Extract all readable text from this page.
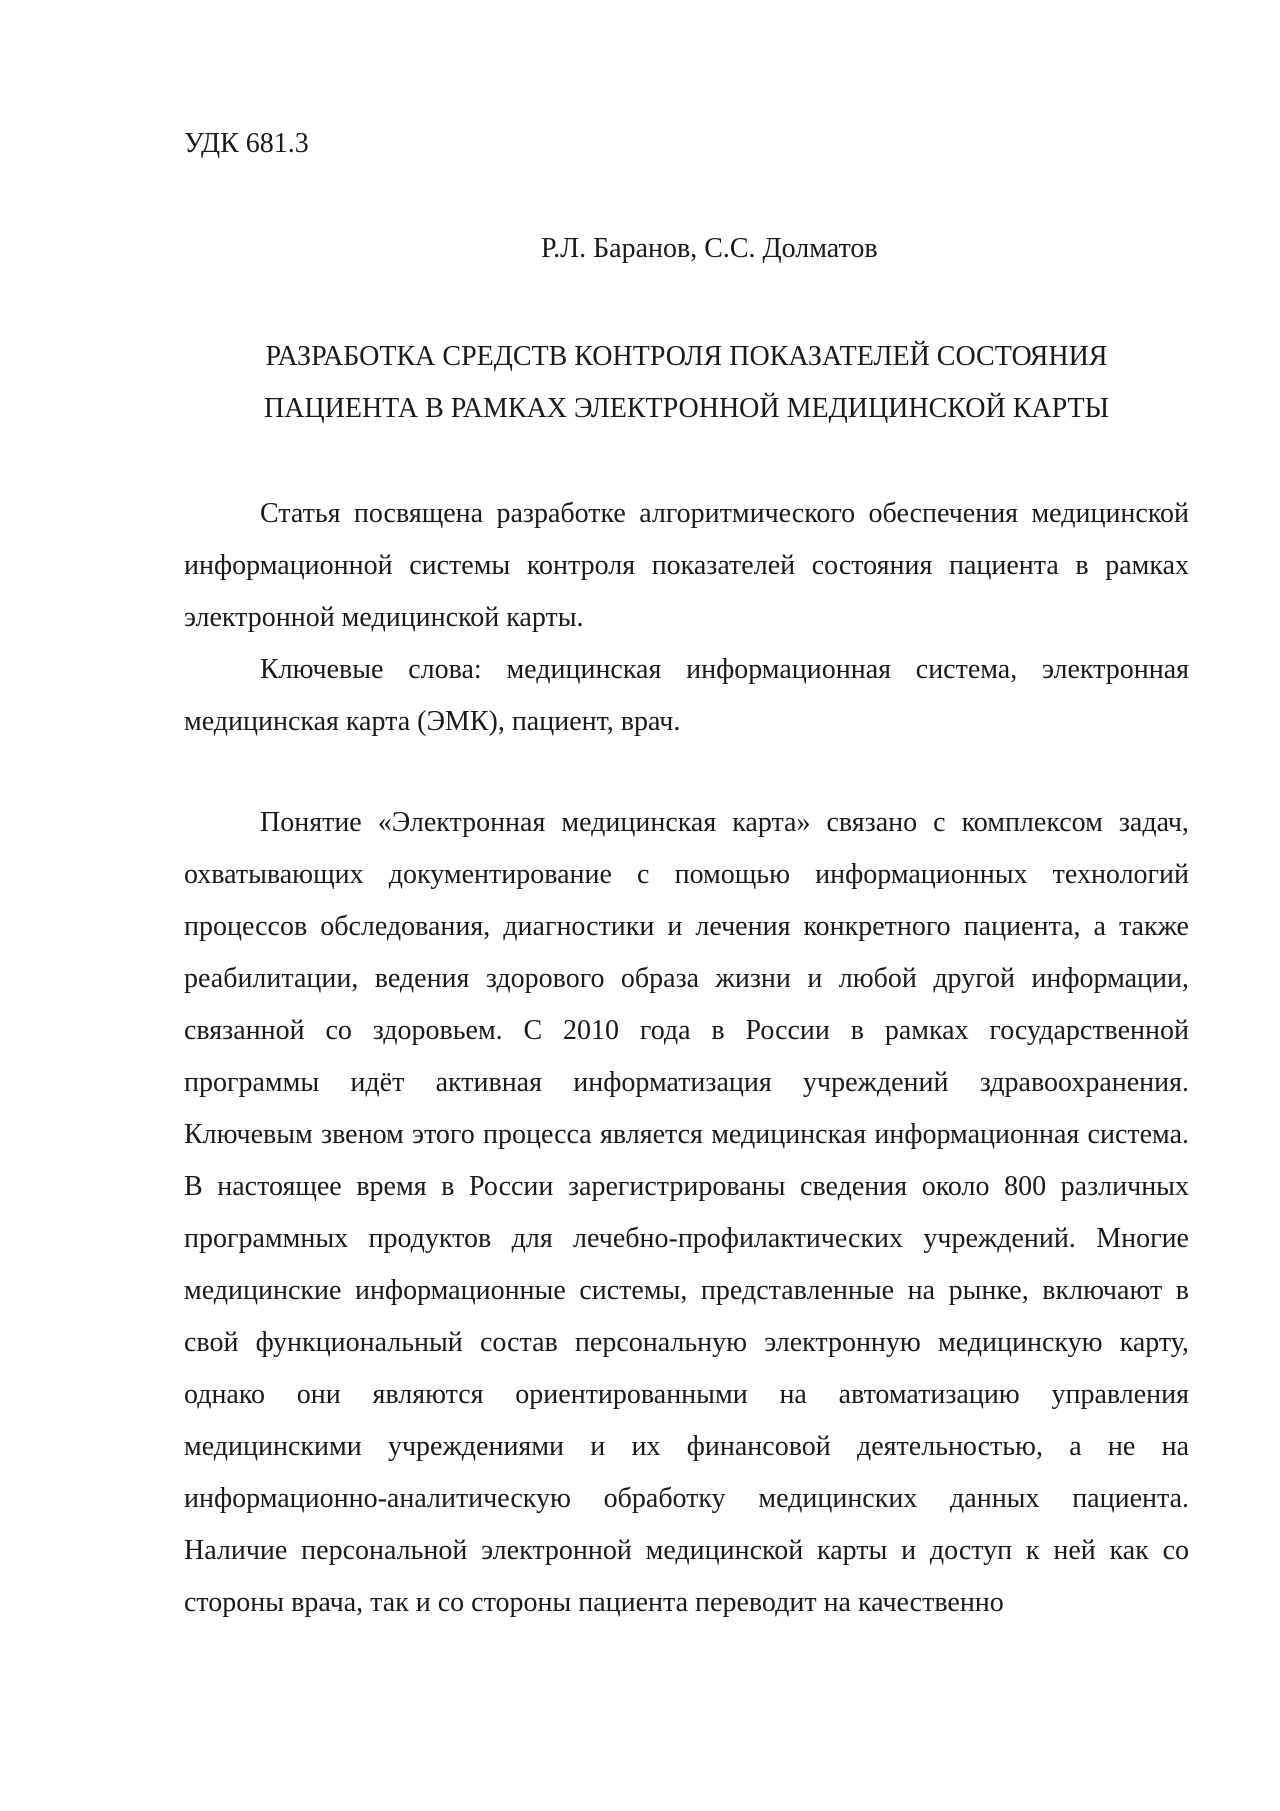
УДК 681.3

Р.Л. Баранов, С.С. Долматов

РАЗРАБОТКА СРЕДСТВ КОНТРОЛЯ ПОКАЗАТЕЛЕЙ СОСТОЯНИЯ
ПАЦИЕНТА В РАМКАХ ЭЛЕКТРОННОЙ МЕДИЦИНСКОЙ КАРТЫ

Статья посвящена разработке алгоритмического обеспечения медицинской информационной системы контроля показателей состояния пациента в рамках электронной медицинской карты.

Ключевые слова: медицинская информационная система, электронная медицинская карта (ЭМК), пациент, врач.

Понятие «Электронная медицинская карта» связано с комплексом задач, охватывающих документирование с помощью информационных технологий процессов обследования, диагностики и лечения конкретного пациента, а также реабилитации, ведения здорового образа жизни и любой другой информации, связанной со здоровьем. С 2010 года в России в рамках государственной программы идёт активная информатизация учреждений здравоохранения. Ключевым звеном этого процесса является медицинская информационная система. В настоящее время в России зарегистрированы сведения около 800 различных программных продуктов для лечебно-профилактических учреждений. Многие медицинские информационные системы, представленные на рынке, включают в свой функциональный состав персональную электронную медицинскую карту, однако они являются ориентированными на автоматизацию управления медицинскими учреждениями и их финансовой деятельностью, а не на информационно-аналитическую обработку медицинских данных пациента. Наличие персональной электронной медицинской карты и доступ к ней как со стороны врача, так и со стороны пациента переводит на качественно
